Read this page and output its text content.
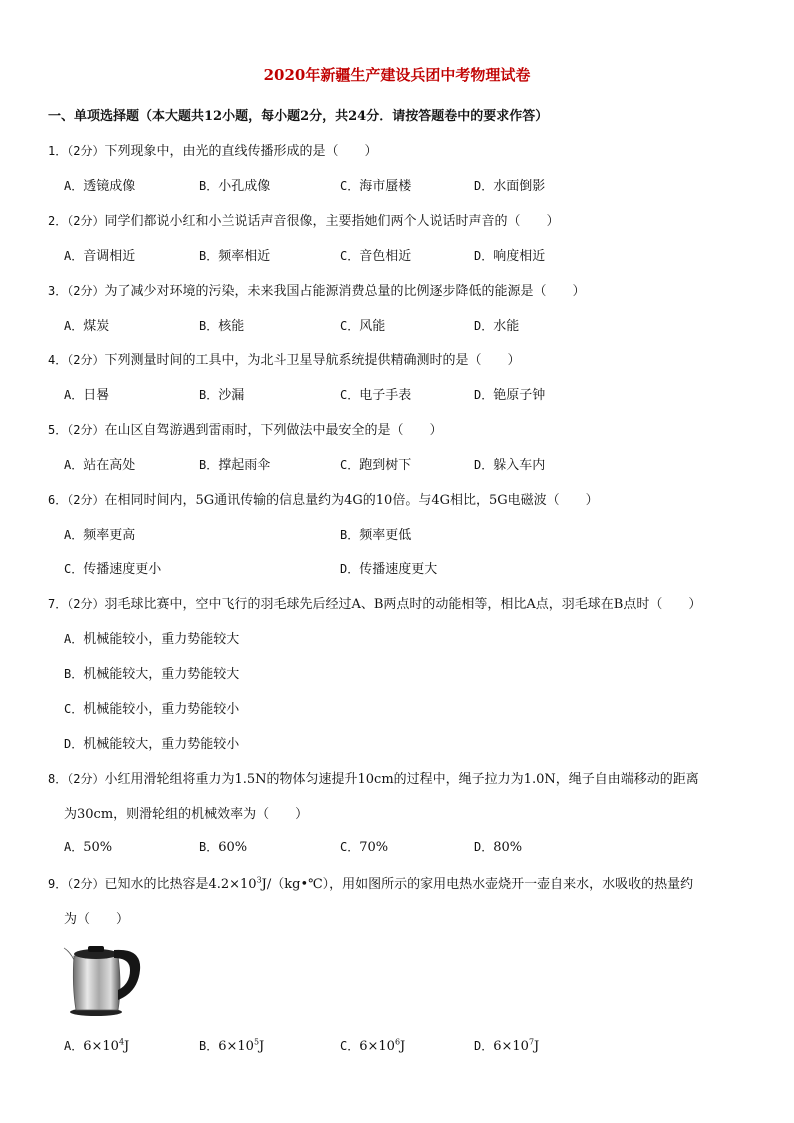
2020年新疆生产建设兵团中考物理试卷
一、单项选择题（本大题共12小题，每小题2分，共24分．请按答题卷中的要求作答）
1．（2分）下列现象中，由光的直线传播形成的是（　　）
A．透镜成像	B．小孔成像	C．海市蜃楼	D．水面倒影
2．（2分）同学们都说小红和小兰说话声音很像，主要指她们两个人说话时声音的（　　）
A．音调相近	B．频率相近	C．音色相近	D．响度相近
3．（2分）为了减少对环境的污染，未来我国占能源消费总量的比例逐步降低的能源是（　　）
A．煤炭	B．核能	C．风能	D．水能
4．（2分）下列测量时间的工具中，为北斗卫星导航系统提供精确测时的是（　　）
A．日晷	B．沙漏	C．电子手表	D．铯原子钟
5．（2分）在山区自驾游遇到雷雨时，下列做法中最安全的是（　　）
A．站在高处	B．撑起雨伞	C．跑到树下	D．躲入车内
6．（2分）在相同时间内，5G通讯传输的信息量约为4G的10倍。与4G相比，5G电磁波（　　）
A．频率更高	B．频率更低
C．传播速度更小	D．传播速度更大
7．（2分）羽毛球比赛中，空中飞行的羽毛球先后经过A、B两点时的动能相等，相比A点，羽毛球在B点时（　　）
A．机械能较小，重力势能较大
B．机械能较大，重力势能较大
C．机械能较小，重力势能较小
D．机械能较大，重力势能较小
8．（2分）小红用滑轮组将重力为1.5N的物体匀速提升10cm的过程中，绳子拉力为1.0N，绳子自由端移动的距离
为30cm，则滑轮组的机械效率为（　　）
A．50%	B．60%	C．70%	D．80%
9．（2分）已知水的比热容是$4.2\times 10^3J/(kg•℃)$，用如图所示的家用电热水壶烧开一壶自来水，水吸收的热量约
为（　　）
A．$6\times 10^4J$	B．$6\times 10^5J$	C．$6\times 10^6J$	D．$6\times 10^7J$
